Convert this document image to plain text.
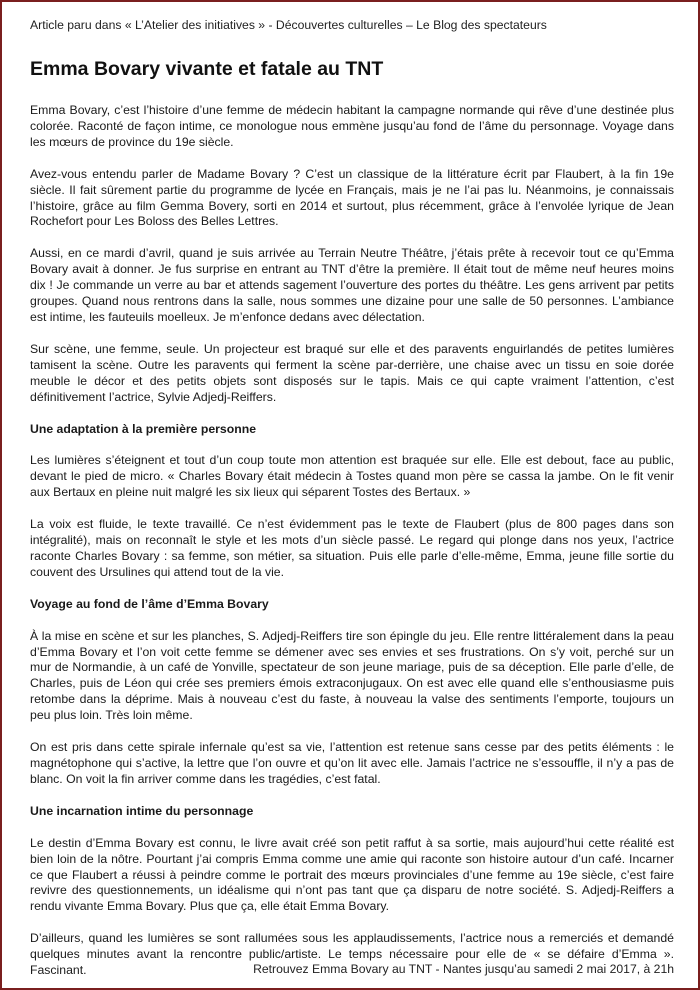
Article paru dans « L’Atelier des initiatives » - Découvertes culturelles – Le Blog des spectateurs
Emma Bovary vivante et fatale au TNT

Emma Bovary, c’est l’histoire d’une femme de médecin habitant la campagne normande qui rêve d’une destinée plus colorée. Raconté de façon intime, ce monologue nous emmène jusqu’au fond de l’âme du personnage. Voyage dans les mœurs de province du 19e siècle.

Avez-vous entendu parler de Madame Bovary ? C’est un classique de la littérature écrit par Flaubert, à la fin 19e siècle. Il fait sûrement partie du programme de lycée en Français, mais je ne l’ai pas lu. Néanmoins, je connaissais l’histoire, grâce au film Gemma Bovery, sorti en 2014 et surtout, plus récemment, grâce à l’envolée lyrique de Jean Rochefort pour Les Boloss des Belles Lettres.

Aussi, en ce mardi d’avril, quand je suis arrivée au Terrain Neutre Théâtre, j’étais prête à recevoir tout ce qu’Emma Bovary avait à donner. Je fus surprise en entrant au TNT d’être la première. Il était tout de même neuf heures moins dix ! Je commande un verre au bar et attends sagement l’ouverture des portes du théâtre. Les gens arrivent par petits groupes. Quand nous rentrons dans la salle, nous sommes une dizaine pour une salle de 50 personnes. L’ambiance est intime, les fauteuils moelleux. Je m’enfonce dedans avec délectation.

Sur scène, une femme, seule. Un projecteur est braqué sur elle et des paravents enguirlandés de petites lumières tamisent la scène. Outre les paravents qui ferment la scène par-derrière, une chaise avec un tissu en soie dorée meuble le décor et des petits objets sont disposés sur le tapis. Mais ce qui capte vraiment l’attention, c’est définitivement l’actrice, Sylvie Adjedj-Reiffers.

Une adaptation à la première personne

Les lumières s’éteignent et tout d’un coup toute mon attention est braquée sur elle. Elle est debout, face au public, devant le pied de micro. « Charles Bovary était médecin à Tostes quand mon père se cassa la jambe. On le fit venir aux Bertaux en pleine nuit malgré les six lieux qui séparent Tostes des Bertaux. »

La voix est fluide, le texte travaillé. Ce n’est évidemment pas le texte de Flaubert (plus de 800 pages dans son intégralité), mais on reconnaît le style et les mots d’un siècle passé. Le regard qui plonge dans nos yeux, l’actrice raconte Charles Bovary : sa femme, son métier, sa situation. Puis elle parle d’elle-même, Emma, jeune fille sortie du couvent des Ursulines qui attend tout de la vie.

Voyage au fond de l’âme d’Emma Bovary

À la mise en scène et sur les planches, S. Adjedj-Reiffers tire son épingle du jeu. Elle rentre littéralement dans la peau d’Emma Bovary et l’on voit cette femme se démener avec ses envies et ses frustrations. On s’y voit, perché sur un mur de Normandie, à un café de Yonville, spectateur de son jeune mariage, puis de sa déception. Elle parle d’elle, de Charles, puis de Léon qui crée ses premiers émois extraconjugaux. On est avec elle quand elle s’enthousiasme puis retombe dans la déprime. Mais à nouveau c’est du faste, à nouveau la valse des sentiments l’emporte, toujours un peu plus loin. Très loin même.

On est pris dans cette spirale infernale qu’est sa vie, l’attention est retenue sans cesse par des petits éléments : le magnétophone qui s’active, la lettre que l’on ouvre et qu’on lit avec elle. Jamais l’actrice ne s’essouffle, il n’y a pas de blanc. On voit la fin arriver comme dans les tragédies, c’est fatal.

Une incarnation intime du personnage

Le destin d’Emma Bovary est connu, le livre avait créé son petit raffut à sa sortie, mais aujourd’hui cette réalité est bien loin de la nôtre. Pourtant j’ai compris Emma comme une amie qui raconte son histoire autour d’un café. Incarner ce que Flaubert a réussi à peindre comme le portrait des mœurs provinciales d’une femme au 19e siècle, c’est faire revivre des questionnements, un idéalisme qui n’ont pas tant que ça disparu de notre société. S. Adjedj-Reiffers a rendu vivante Emma Bovary. Plus que ça, elle était Emma Bovary.

D’ailleurs, quand les lumières se sont rallumées sous les applaudissements, l’actrice nous a remerciés et demandé quelques minutes avant la rencontre public/artiste. Le temps nécessaire pour elle de « se défaire d’Emma ». Fascinant.	Retrouvez Emma Bovary au TNT - Nantes jusqu’au samedi 2 mai 2017, à 21h
